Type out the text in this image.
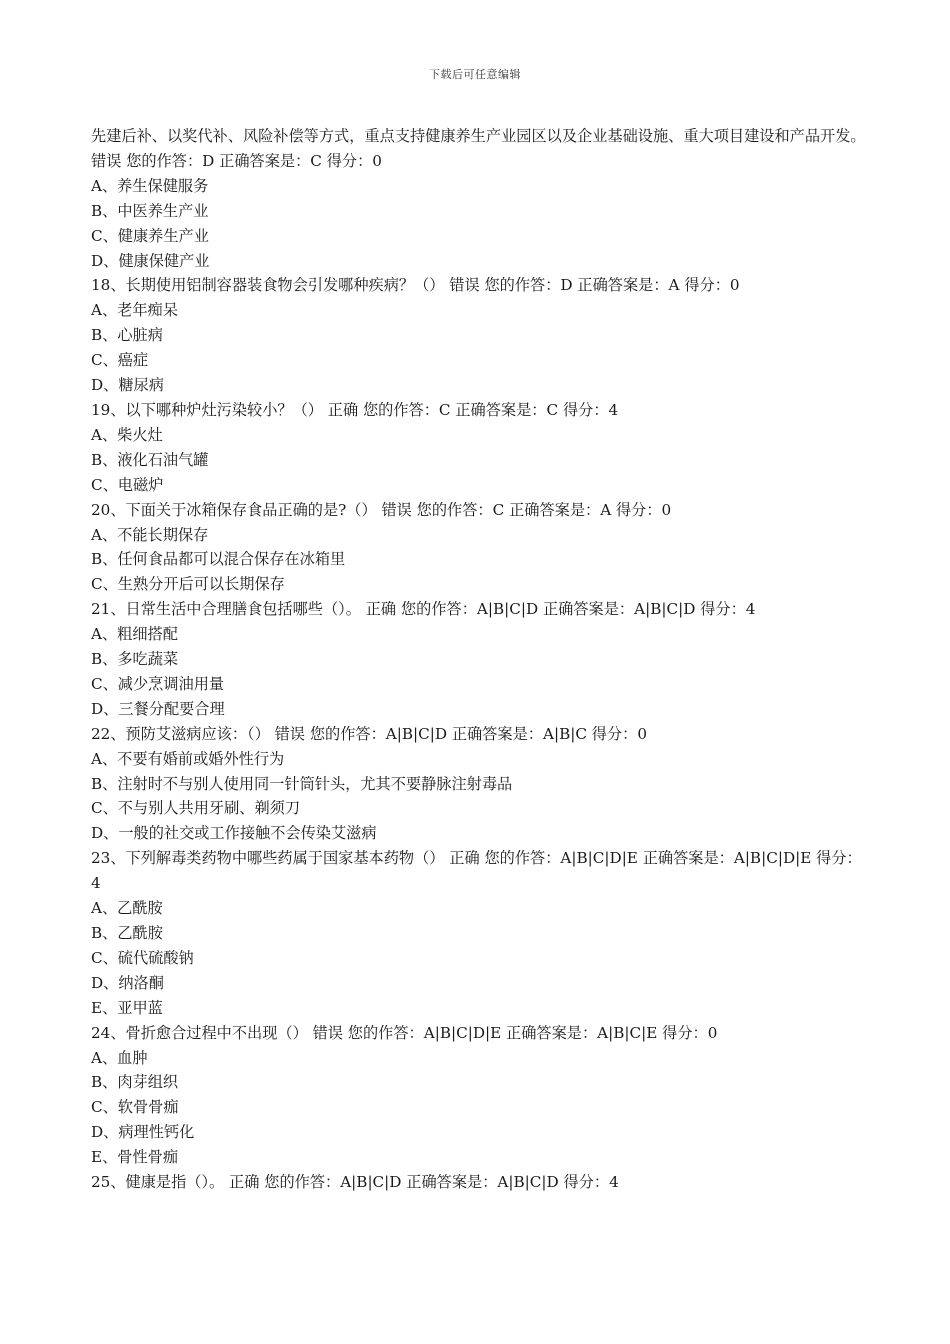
下载后可任意编辑

先建后补、以奖代补、风险补偿等方式，重点支持健康养生产业园区以及企业基础设施、重大项目建设和产品开发。

错误 您的作答：D 正确答案是：C 得分：0

A、养生保健服务

B、中医养生产业

C、健康养生产业

D、健康保健产业

18、长期使用铝制容器装食物会引发哪种疾病？（） 错误 您的作答：D 正确答案是：A 得分：0

A、老年痴呆

B、心脏病

C、癌症

D、糖尿病

19、以下哪种炉灶污染较小？（） 正确 您的作答：C 正确答案是：C 得分：4

A、柴火灶

B、液化石油气罐

C、电磁炉

20、下面关于冰箱保存食品正确的是?（） 错误 您的作答：C 正确答案是：A 得分：0

A、不能长期保存

B、任何食品都可以混合保存在冰箱里

C、生熟分开后可以长期保存

21、日常生活中合理膳食包括哪些（）。 正确 您的作答：A|B|C|D 正确答案是：A|B|C|D 得分：4

A、粗细搭配

B、多吃蔬菜

C、减少烹调油用量

D、三餐分配要合理

22、预防艾滋病应该：（） 错误 您的作答：A|B|C|D 正确答案是：A|B|C 得分：0

A、不要有婚前或婚外性行为

B、注射时不与别人使用同一针筒针头，尤其不要静脉注射毒品

C、不与别人共用牙刷、剃须刀

D、一般的社交或工作接触不会传染艾滋病

23、下列解毒类药物中哪些药属于国家基本药物（） 正确 您的作答：A|B|C|D|E 正确答案是：A|B|C|D|E 得分：4

A、乙酰胺

B、乙酰胺

C、硫代硫酸钠

D、纳洛酮

E、亚甲蓝

24、骨折愈合过程中不出现（） 错误 您的作答：A|B|C|D|E 正确答案是：A|B|C|E 得分：0

A、血肿

B、肉芽组织

C、软骨骨痂

D、病理性钙化

E、骨性骨痂

25、健康是指（）。 正确 您的作答：A|B|C|D 正确答案是：A|B|C|D 得分：4
